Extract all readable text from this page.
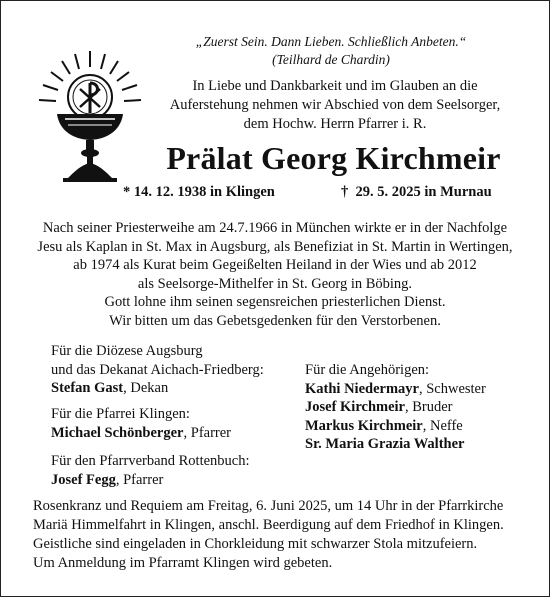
„Zuerst Sein. Dann Lieben. Schließlich Anbeten.“
(Teilhard de Chardin)
In Liebe und Dankbarkeit und im Glauben an die
Auferstehung nehmen wir Abschied von dem Seelsorger,
dem Hochw. Herrn Pfarrer i. R.
Prälat Georg Kirchmeir
* 14. 12. 1938 in Klingen	† 29. 5. 2025 in Murnau
Nach seiner Priesterweihe am 24.7.1966 in München wirkte er in der Nachfolge
Jesu als Kaplan in St. Max in Augsburg, als Benefiziat in St. Martin in Wertingen,
ab 1974 als Kurat beim Gegeißelten Heiland in der Wies und ab 2012
als Seelsorge-Mithelfer in St. Georg in Böbing.
Gott lohne ihm seinen segensreichen priesterlichen Dienst.
Wir bitten um das Gebetsgedenken für den Verstorbenen.
Für die Diözese Augsburg
und das Dekanat Aichach-Friedberg:
Stefan Gast, Dekan
Für die Pfarrei Klingen:
Michael Schönberger, Pfarrer
Für den Pfarrverband Rottenbuch:
Josef Fegg, Pfarrer
Für die Angehörigen:
Kathi Niedermayr, Schwester
Josef Kirchmeir, Bruder
Markus Kirchmeir, Neffe
Sr. Maria Grazia Walther
Rosenkranz und Requiem am Freitag, 6. Juni 2025, um 14 Uhr in der Pfarrkirche
Mariä Himmelfahrt in Klingen, anschl. Beerdigung auf dem Friedhof in Klingen.
Geistliche sind eingeladen in Chorkleidung mit schwarzer Stola mitzufeiern.
Um Anmeldung im Pfarramt Klingen wird gebeten.
